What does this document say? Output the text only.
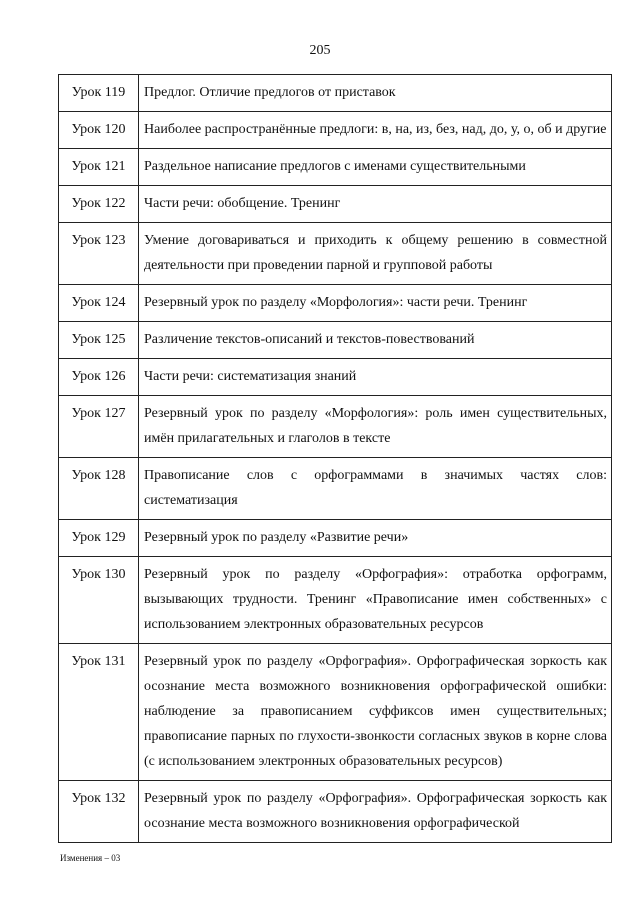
205
Урок 119	Предлог. Отличие предлогов от приставок
Урок 120	Наиболее распространённые предлоги: в, на, из, без, над, до, у, о, об и другие
Урок 121	Раздельное написание предлогов с именами существительными
Урок 122	Части речи: обобщение. Тренинг
Урок 123	Умение договариваться и приходить к общему решению в совместной деятельности при проведении парной и групповой работы
Урок 124	Резервный урок по разделу «Морфология»: части речи. Тренинг
Урок 125	Различение текстов-описаний и текстов-повествований
Урок 126	Части речи: систематизация знаний
Урок 127	Резервный урок по разделу «Морфология»: роль имен существительных, имён прилагательных и глаголов в тексте
Урок 128	Правописание слов с орфограммами в значимых частях слов: систематизация
Урок 129	Резервный урок по разделу «Развитие речи»
Урок 130	Резервный урок по разделу «Орфография»: отработка орфограмм, вызывающих трудности. Тренинг «Правописание имен собственных» с использованием электронных образовательных ресурсов
Урок 131	Резервный урок по разделу «Орфография». Орфографическая зоркость как осознание места возможного возникновения орфографической ошибки: наблюдение за правописанием суффиксов имен существительных; правописание парных по глухости-звонкости согласных звуков в корне слова (с использованием электронных образовательных ресурсов)
Урок 132	Резервный урок по разделу «Орфография». Орфографическая зоркость как осознание места возможного возникновения орфографической
Изменения – 03
